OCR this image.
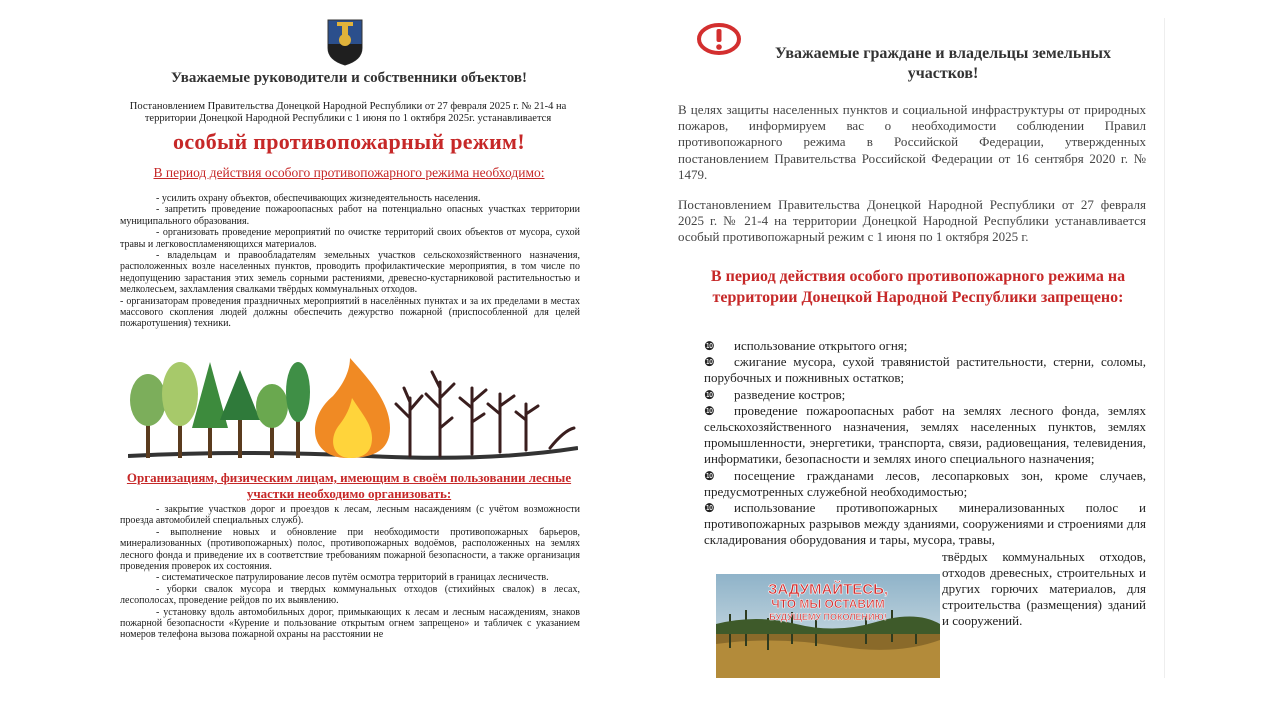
Уважаемые руководители и собственники объектов!
Постановлением Правительства Донецкой Народной Республики от 27 февраля 2025 г. № 21-4 на территории Донецкой Народной Республики с 1 июня по 1 октября 2025г. устанавливается
особый противопожарный режим!
В период действия особого противопожарного режима необходимо:

- усилить охрану объектов, обеспечивающих жизнедеятельность населения.

- запретить проведение пожароопасных работ на потенциально опасных участках территории муниципального образования.

- организовать проведение мероприятий по очистке территорий своих объектов от мусора, сухой травы и легковоспламеняющихся материалов.

- владельцам и правообладателям земельных участков сельскохозяйственного назначения, расположенных возле населенных пунктов, проводить профилактические мероприятия, в том числе по недопущению зарастания этих земель сорными растениями, древесно-кустарниковой растительностью и мелколесьем, захламления свалками твёрдых коммунальных отходов.

- организаторам проведения праздничных мероприятий в населённых пунктах и за их пределами в местах массового скопления людей должны обеспечить дежурство пожарной (приспособленной для целей пожаротушения) техники.

Организациям, физическим лицам, имеющим в своём пользовании лесные участки необходимо организовать:

- закрытие участков дорог и проездов к лесам, лесным насаждениям (с учётом возможности проезда автомобилей специальных служб).

- выполнение новых и обновление при необходимости противопожарных барьеров, минерализованных (противопожарных) полос, противопожарных водоёмов, расположенных на землях лесного фонда и приведение их в соответствие требованиям пожарной безопасности, а также организация проведения проверок их состояния.

- систематическое патрулирование лесов путём осмотра территорий в границах лесничеств.

- уборки свалок мусора и твердых коммунальных отходов (стихийных свалок) в лесах, лесополосах, проведение рейдов по их выявлению.

- установку вдоль автомобильных дорог, примыкающих к лесам и лесным насаждениям, знаков пожарной безопасности «Курение и пользование открытым огнем запрещено» и табличек с указанием номеров телефона вызова пожарной охраны на расстоянии не

Уважаемые граждане и владельцы земельных участков!

В целях защиты населенных пунктов и социальной инфраструктуры от природных пожаров, информируем вас о необходимости соблюдении Правил противопожарного режима в Российской Федерации, утвержденных постановлением Правительства Российской Федерации от 16 сентября 2020 г. № 1479.

Постановлением Правительства Донецкой Народной Республики от 27 февраля 2025 г. № 21-4 на территории Донецкой Народной Республики устанавливается особый противопожарный режим с 1 июня по 1 октября 2025 г.

В период действия особого противопожарного режима на территории Донецкой Народной Республики запрещено:

❿ использование открытого огня;

❿ сжигание мусора, сухой травянистой растительности, стерни, соломы, порубочных и пожнивных остатков;

❿ разведение костров;

❿ проведение пожароопасных работ на землях лесного фонда, землях сельскохозяйственного назначения, землях населенных пунктов, землях промышленности, энергетики, транспорта, связи, радиовещания, телевидения, информатики, безопасности и землях иного специального назначения;

❿ посещение гражданами лесов, лесопарковых зон, кроме случаев, предусмотренных служебной необходимостью;

❿ использование противопожарных минерализованных полос и противопожарных разрывов между зданиями, сооружениями и строениями для складирования оборудования и тары, мусора, травы,

твёрдых коммунальных отходов, отходов древесных, строительных и других горючих материалов, для строительства (размещения) зданий и сооружений.

ЗАДУМАЙТЕСЬ,
ЧТО МЫ ОСТАВИМ
БУДУЩЕМУ ПОКОЛЕНИЮ!
